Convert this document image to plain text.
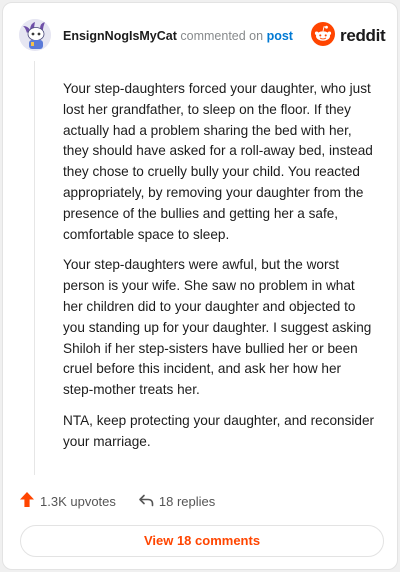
EnsignNogIsMyCat commented on post	reddit

Your step-daughters forced your daughter, who just lost her grandfather, to sleep on the floor. If they actually had a problem sharing the bed with her, they should have asked for a roll-away bed, instead they chose to cruelly bully your child. You reacted appropriately, by removing your daughter from the presence of the bullies and getting her a safe, comfortable space to sleep.

Your step-daughters were awful, but the worst person is your wife. She saw no problem in what her children did to your daughter and objected to you standing up for your daughter. I suggest asking Shiloh if her step-sisters have bullied her or been cruel before this incident, and ask her how her step-mother treats her.

NTA, keep protecting your daughter, and reconsider your marriage.

1.3K upvotes	18 replies
View 18 comments
